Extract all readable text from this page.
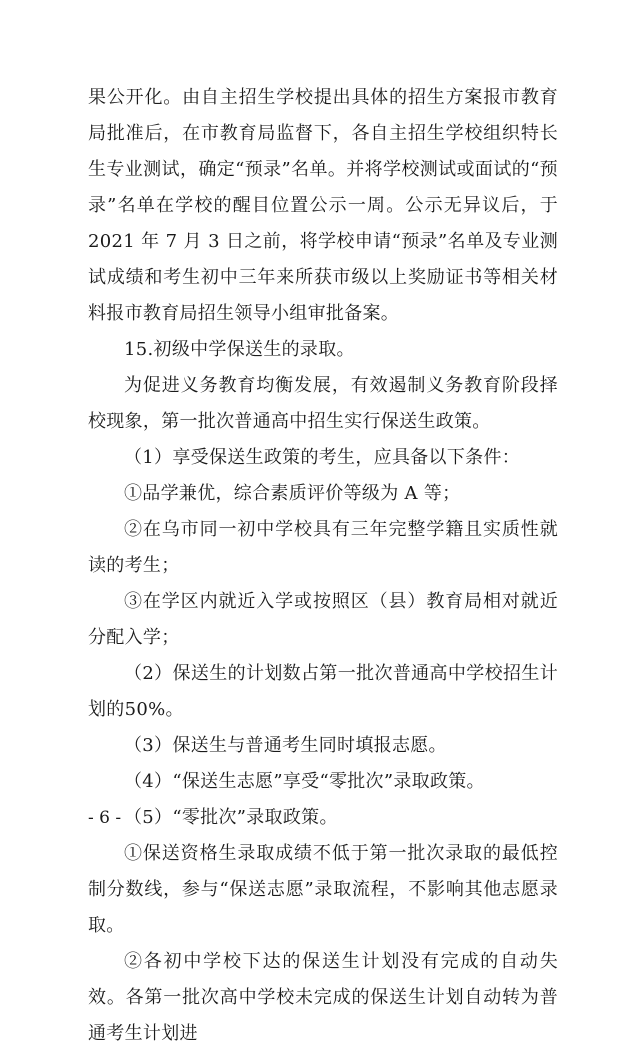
果公开化。由自主招生学校提出具体的招生方案报市教育局批准后，在市教育局监督下，各自主招生学校组织特长生专业测试，确定“预录”名单。并将学校测试或面试的“预录”名单在学校的醒目位置公示一周。公示无异议后，于 2021 年 7 月 3 日之前，将学校申请“预录”名单及专业测试成绩和考生初中三年来所获市级以上奖励证书等相关材料报市教育局招生领导小组审批备案。

15.初级中学保送生的录取。

为促进义务教育均衡发展，有效遏制义务教育阶段择校现象，第一批次普通高中招生实行保送生政策。

（1）享受保送生政策的考生，应具备以下条件：

①品学兼优，综合素质评价等级为 A 等；

②在乌市同一初中学校具有三年完整学籍且实质性就读的考生；

③在学区内就近入学或按照区（县）教育局相对就近分配入学；

（2）保送生的计划数占第一批次普通高中学校招生计划的50%。

（3）保送生与普通考生同时填报志愿。

（4）“保送生志愿”享受“零批次”录取政策。

（5）“零批次”录取政策。

①保送资格生录取成绩不低于第一批次录取的最低控制分数线，参与“保送志愿”录取流程，不影响其他志愿录取。

②各初中学校下达的保送生计划没有完成的自动失效。各第一批次高中学校未完成的保送生计划自动转为普通考生计划进

- 6 -
